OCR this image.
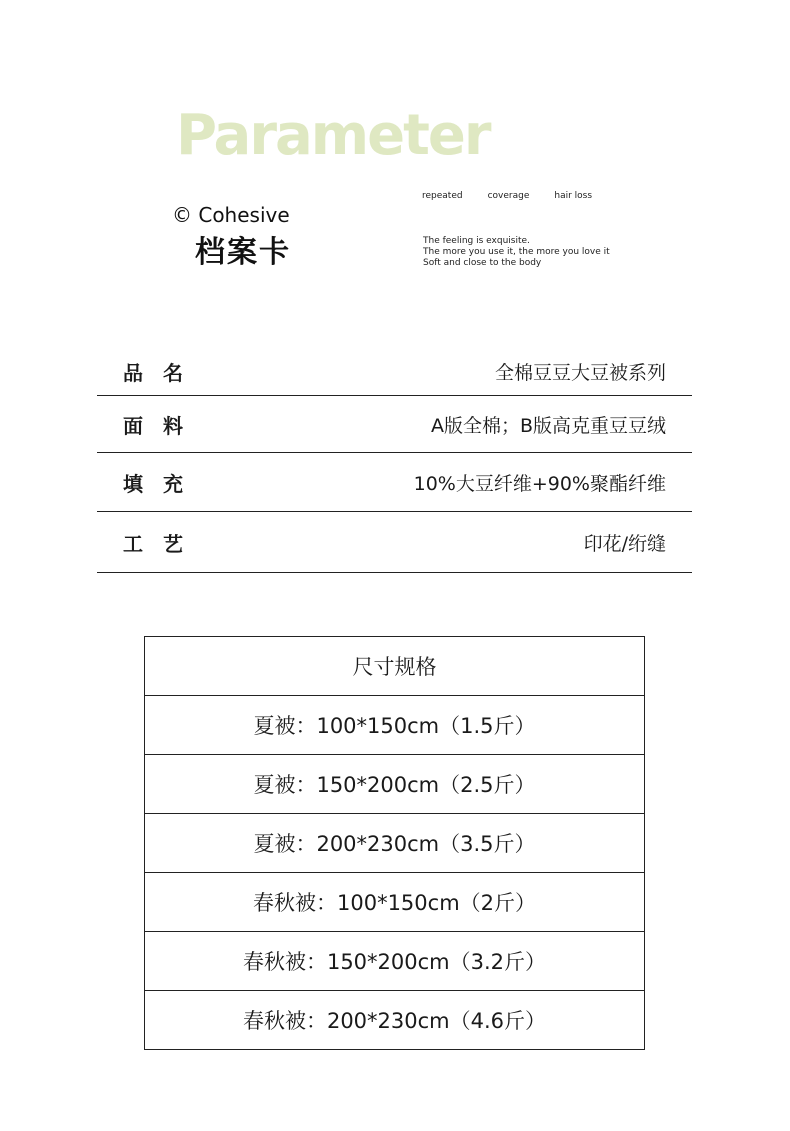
Parameter
© Cohesive
档案卡
repeated	coverage	hair loss
The feeling is exquisite.
The more you use it, the more you love it
Soft and close to the body
品名	全棉豆豆大豆被系列
面料	A版全棉；B版高克重豆豆绒
填充	10%大豆纤维+90%聚酯纤维
工艺	印花/绗缝
尺寸规格
夏被：100*150cm（1.5斤）
夏被：150*200cm（2.5斤）
夏被：200*230cm（3.5斤）
春秋被：100*150cm（2斤）
春秋被：150*200cm（3.2斤）
春秋被：200*230cm（4.6斤）
